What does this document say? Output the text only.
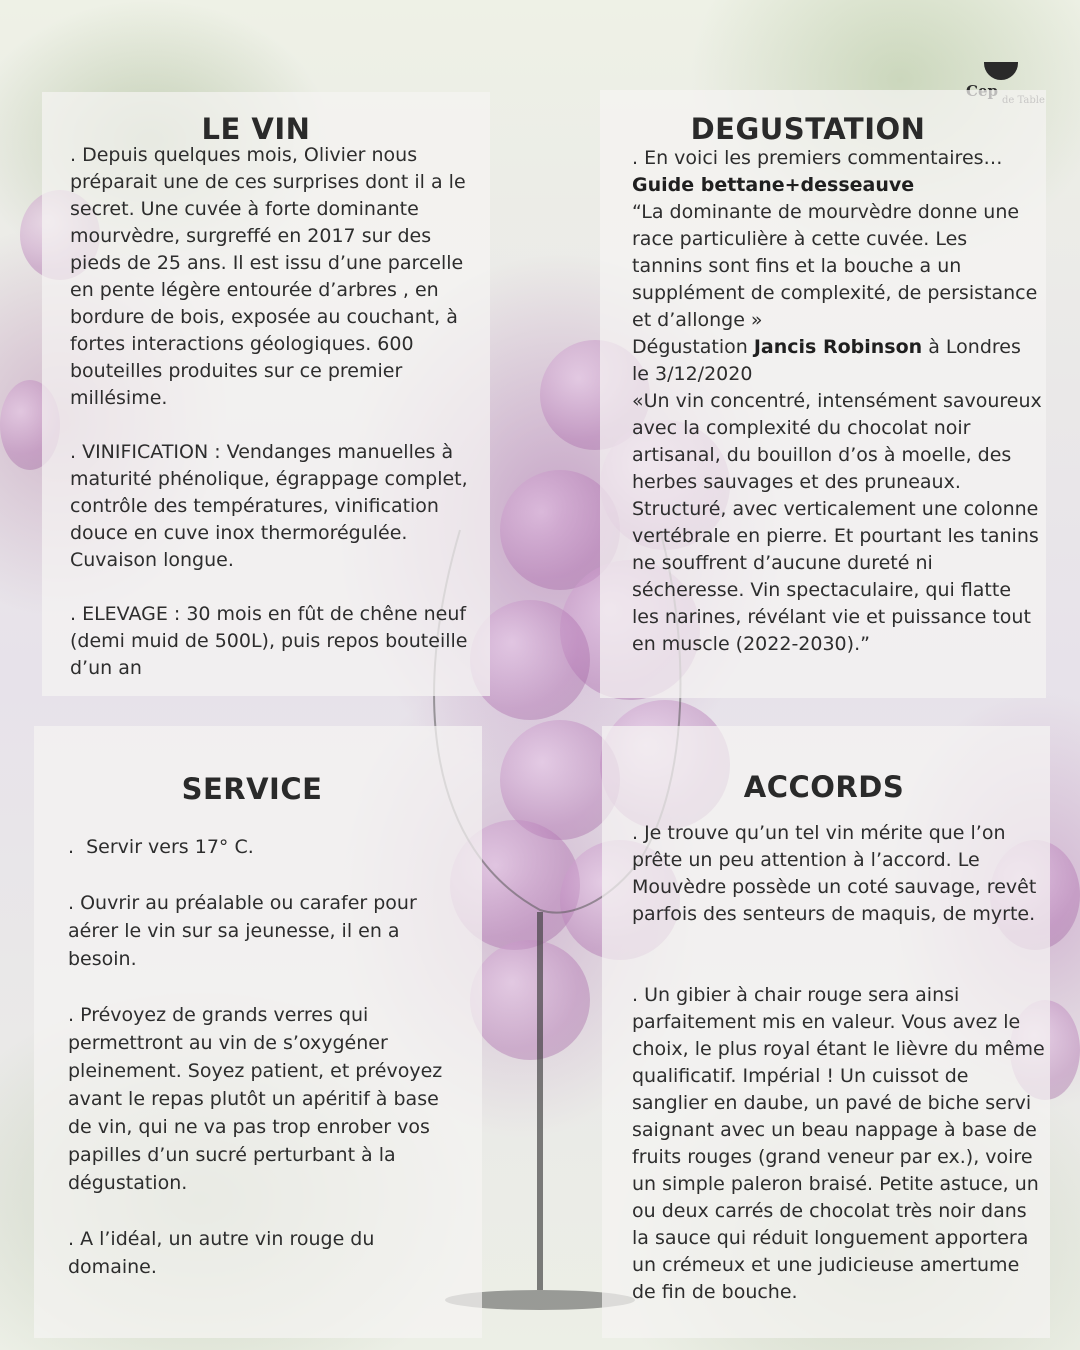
LE VIN
. Depuis quelques mois, Olivier nous préparait une de ces surprises dont il a le secret. Une cuvée à forte dominante mourvèdre, surgreffé en 2017 sur des pieds de 25 ans. Il est issu d’une parcelle en pente légère entourée d’arbres , en bordure de bois, exposée au couchant, à fortes interactions géologiques. 600 bouteilles produites sur ce premier millésime.
. VINIFICATION : Vendanges manuelles à maturité phénolique, égrappage complet, contrôle des températures, vinification douce en cuve inox thermorégulée. Cuvaison longue.
. ELEVAGE : 30 mois en fût de chêne neuf (demi muid de 500L), puis repos bouteille d’un an
DEGUSTATION
. En voici les premiers commentaires…
Guide bettane+desseauve
“La dominante de mourvèdre donne une race particulière à cette cuvée. Les tannins sont fins et la bouche a un supplément de complexité, de persistance et d’allonge »
Dégustation Jancis Robinson à Londres le 3/12/2020
«Un vin concentré, intensément savoureux avec la complexité du chocolat noir artisanal, du bouillon d’os à moelle, des herbes sauvages et des pruneaux. Structuré, avec verticalement une colonne vertébrale en pierre. Et pourtant les tanins ne souffrent d’aucune dureté ni sécheresse. Vin spectaculaire, qui flatte les narines, révélant vie et puissance tout en muscle (2022-2030).”
SERVICE
.  Servir vers 17° C.
. Ouvrir au préalable ou carafer pour aérer le vin sur sa jeunesse, il en a besoin.
. Prévoyez de grands verres qui permettront au vin de s’oxygéner pleinement. Soyez patient, et prévoyez avant le repas plutôt un apéritif à base de vin, qui ne va pas trop enrober vos papilles d’un sucré perturbant à la dégustation.
. A l’idéal, un autre vin rouge du domaine.
ACCORDS
. Je trouve qu’un tel vin mérite que l’on prête un peu attention à l’accord. Le Mouvèdre possède un coté sauvage, revêt parfois des senteurs de maquis, de myrte.
. Un gibier à chair rouge sera ainsi parfaitement mis en valeur. Vous avez le choix, le plus royal étant le lièvre du même qualificatif. Impérial ! Un cuissot de sanglier en daube, un pavé de biche servi saignant avec un beau nappage à base de fruits rouges (grand veneur par ex.), voire un simple paleron braisé. Petite astuce, un ou deux carrés de chocolat très noir dans la sauce qui réduit longuement apportera un crémeux et une judicieuse amertume de fin de bouche.
